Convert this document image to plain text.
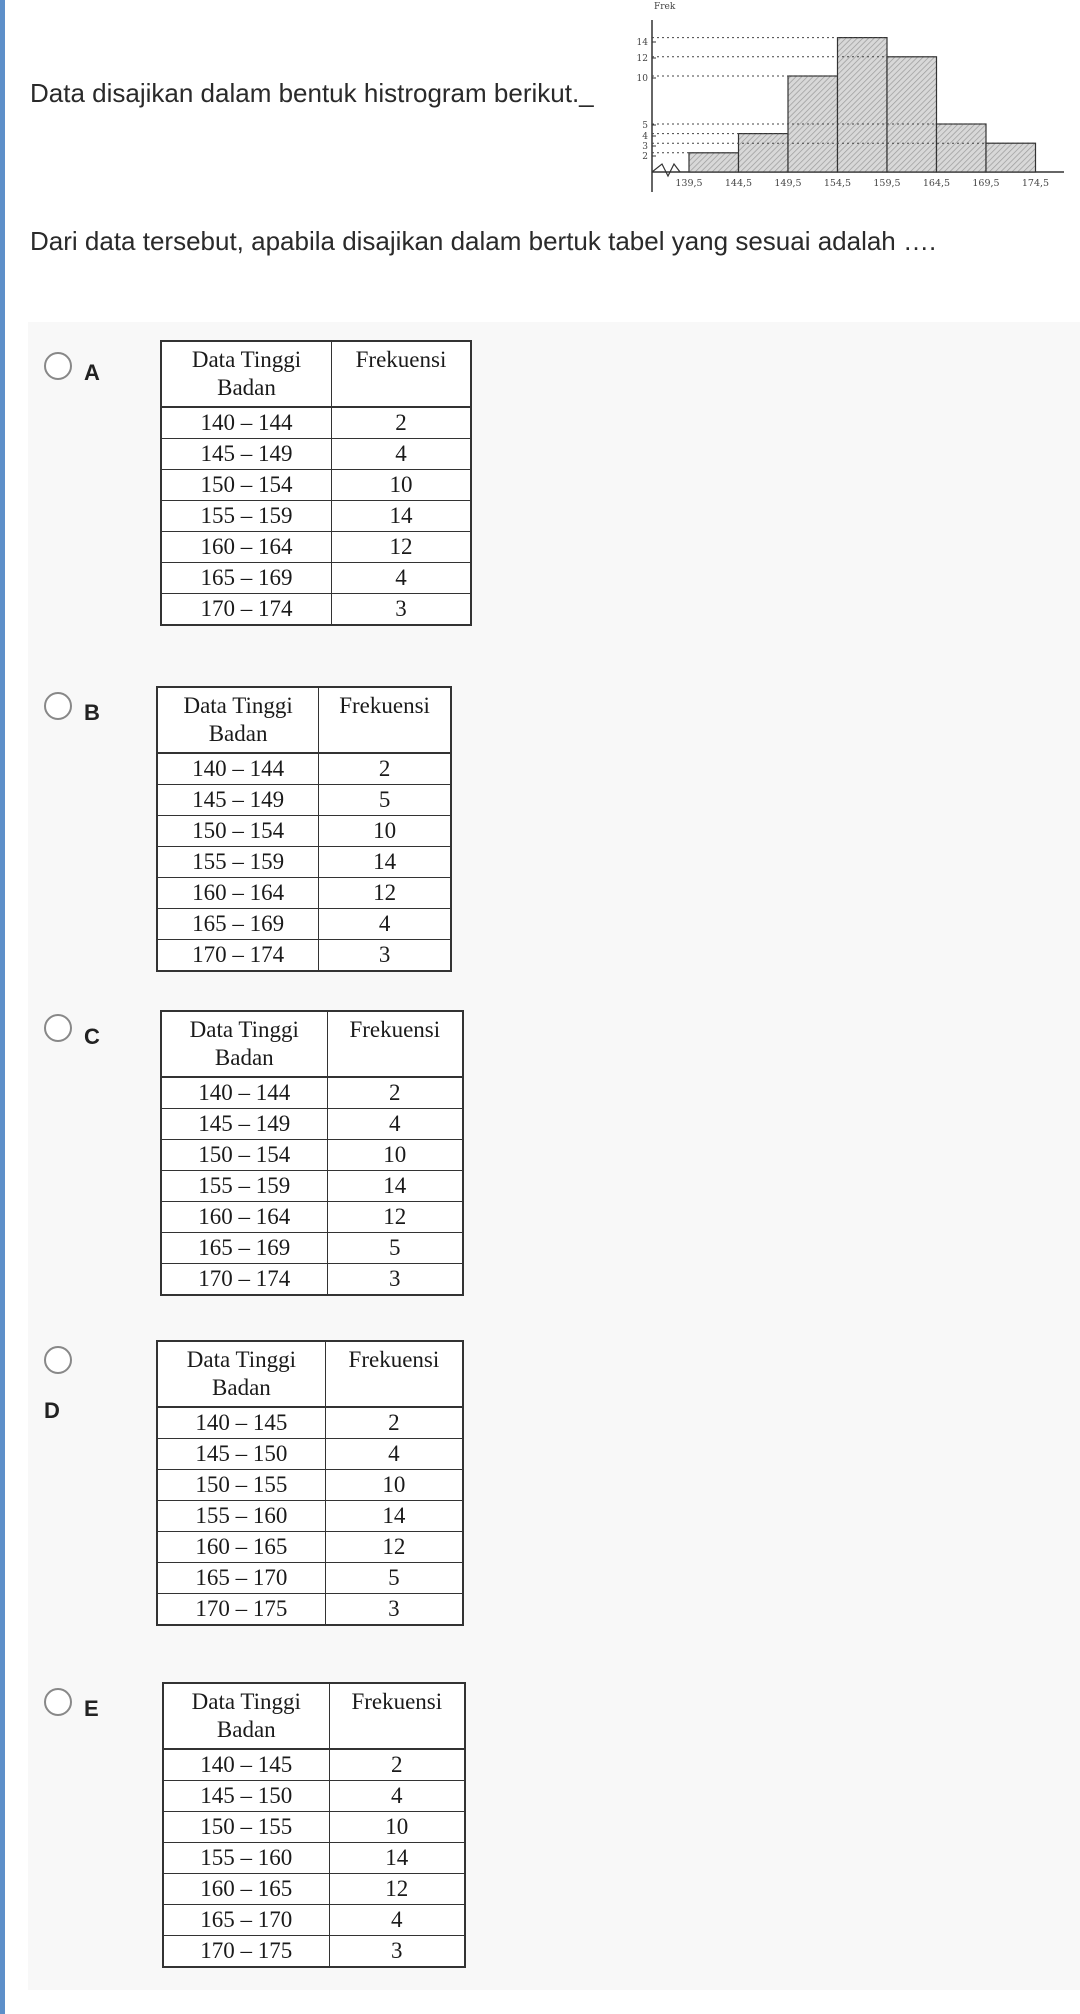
Data disajikan dalam bentuk histrogram berikut._
Dari data tersebut, apabila disajikan dalam bertuk tabel yang sesuai adalah ….
Frek
14
12
10
5
4
3
2
139,5 144,5 149,5 154,5 159,5 164,5 169,5 174,5
A
Data Tinggi Badan	Frekuensi
140 – 144	2
145 – 149	4
150 – 154	10
155 – 159	14
160 – 164	12
165 – 169	4
170 – 174	3
B	Data Tinggi Badan	Frekuensi
140 – 144	2
145 – 149	5
150 – 154	10
155 – 159	14
160 – 164	12
165 – 169	4
170 – 174	3
C	Data Tinggi Badan	Frekuensi
140 – 144	2
145 – 149	4
150 – 154	10
155 – 159	14
160 – 164	12
165 – 169	5
170 – 174	3
D
Data Tinggi Badan	Frekuensi
140 – 145	2
145 – 150	4
150 – 155	10
155 – 160	14
160 – 165	12
165 – 170	5
170 – 175	3
E	Data Tinggi Badan	Frekuensi
140 – 145	2
145 – 150	4
150 – 155	10
155 – 160	14
160 – 165	12
165 – 170	4
170 – 175	3
